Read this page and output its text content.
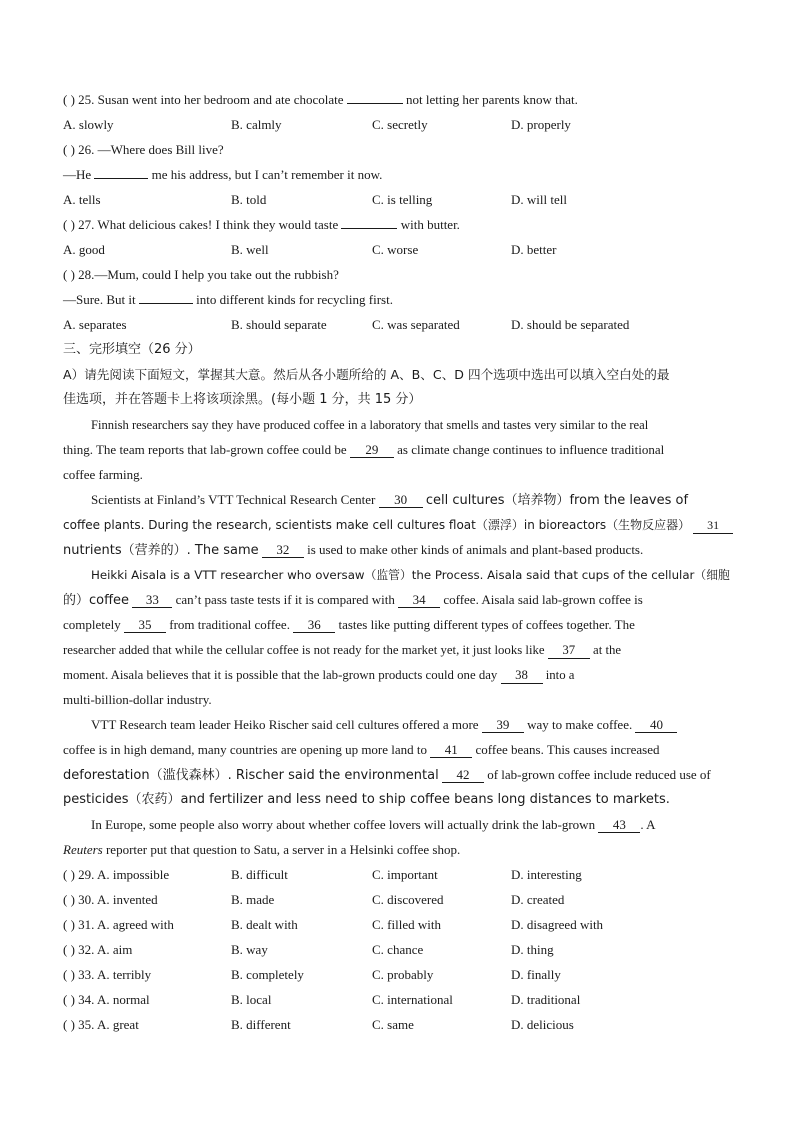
( ) 25. Susan went into her bedroom and ate chocolate	not letting her parents know that.
A. slowly	B. calmly	C. secretly	D. properly
( ) 26. —Where does Bill live?
—He	me his address, but I can’t remember it now.
A. tells	B. told	C. is telling	D. will tell
( ) 27. What delicious cakes! I think they would taste	with butter.
A. good	B. well	C. worse	D. better
( ) 28.—Mum, could I help you take out the rubbish?
—Sure. But it	into different kinds for recycling first.
A. separates	B. should separate	C. was separated	D. should be separated
三、完形填空（26 分）
A）请先阅读下面短文，掌握其大意。然后从各小题所给的 A、B、C、D 四个选项中选出可以填入空白处的最
佳选项，并在答题卡上将该项涂黑。(每小题 1 分，共 15 分）
Finnish researchers say they have produced coffee in a laboratory that smells and tastes very similar to the real
thing. The team reports that lab-grown coffee could be 29 as climate change continues to influence traditional
coffee farming.
Scientists at Finland’s VTT Technical Research Center 30 cell cultures（培养物）from the leaves of
coffee plants. During the research, scientists make cell cultures float（漂浮）in bioreactors（生物反应器） 31
nutrients（营养的）. The same 32 is used to make other kinds of animals and plant-based products.
Heikki Aisala is a VTT researcher who oversaw（监管）the Process. Aisala said that cups of the cellular（细胞
的）coffee 33 can’t pass taste tests if it is compared with 34 coffee. Aisala said lab-grown coffee is
completely 35 from traditional coffee. 36 tastes like putting different types of coffees together. The
researcher added that while the cellular coffee is not ready for the market yet, it just looks like 37 at the
moment. Aisala believes that it is possible that the lab-grown products could one day 38 into a
multi-billion-dollar industry.
VTT Research team leader Heiko Rischer said cell cultures offered a more 39 way to make coffee. 40
coffee is in high demand, many countries are opening up more land to 41 coffee beans. This causes increased
deforestation（滥伐森林）. Rischer said the environmental 42 of lab-grown coffee include reduced use of
pesticides（农药）and fertilizer and less need to ship coffee beans long distances to markets.
In Europe, some people also worry about whether coffee lovers will actually drink the lab-grown 43 . A
Reuters reporter put that question to Satu, a server in a Helsinki coffee shop.
( ) 29. A. impossible	B. difficult	C. important	D. interesting
( ) 30. A. invented	B. made	C. discovered	D. created
( ) 31. A. agreed with	B. dealt with	C. filled with	D. disagreed with
( ) 32. A. aim	B. way	C. chance	D. thing
( ) 33. A. terribly	B. completely	C. probably	D. finally
( ) 34. A. normal	B. local	C. international	D. traditional
( ) 35. A. great	B. different	C. same	D. delicious
